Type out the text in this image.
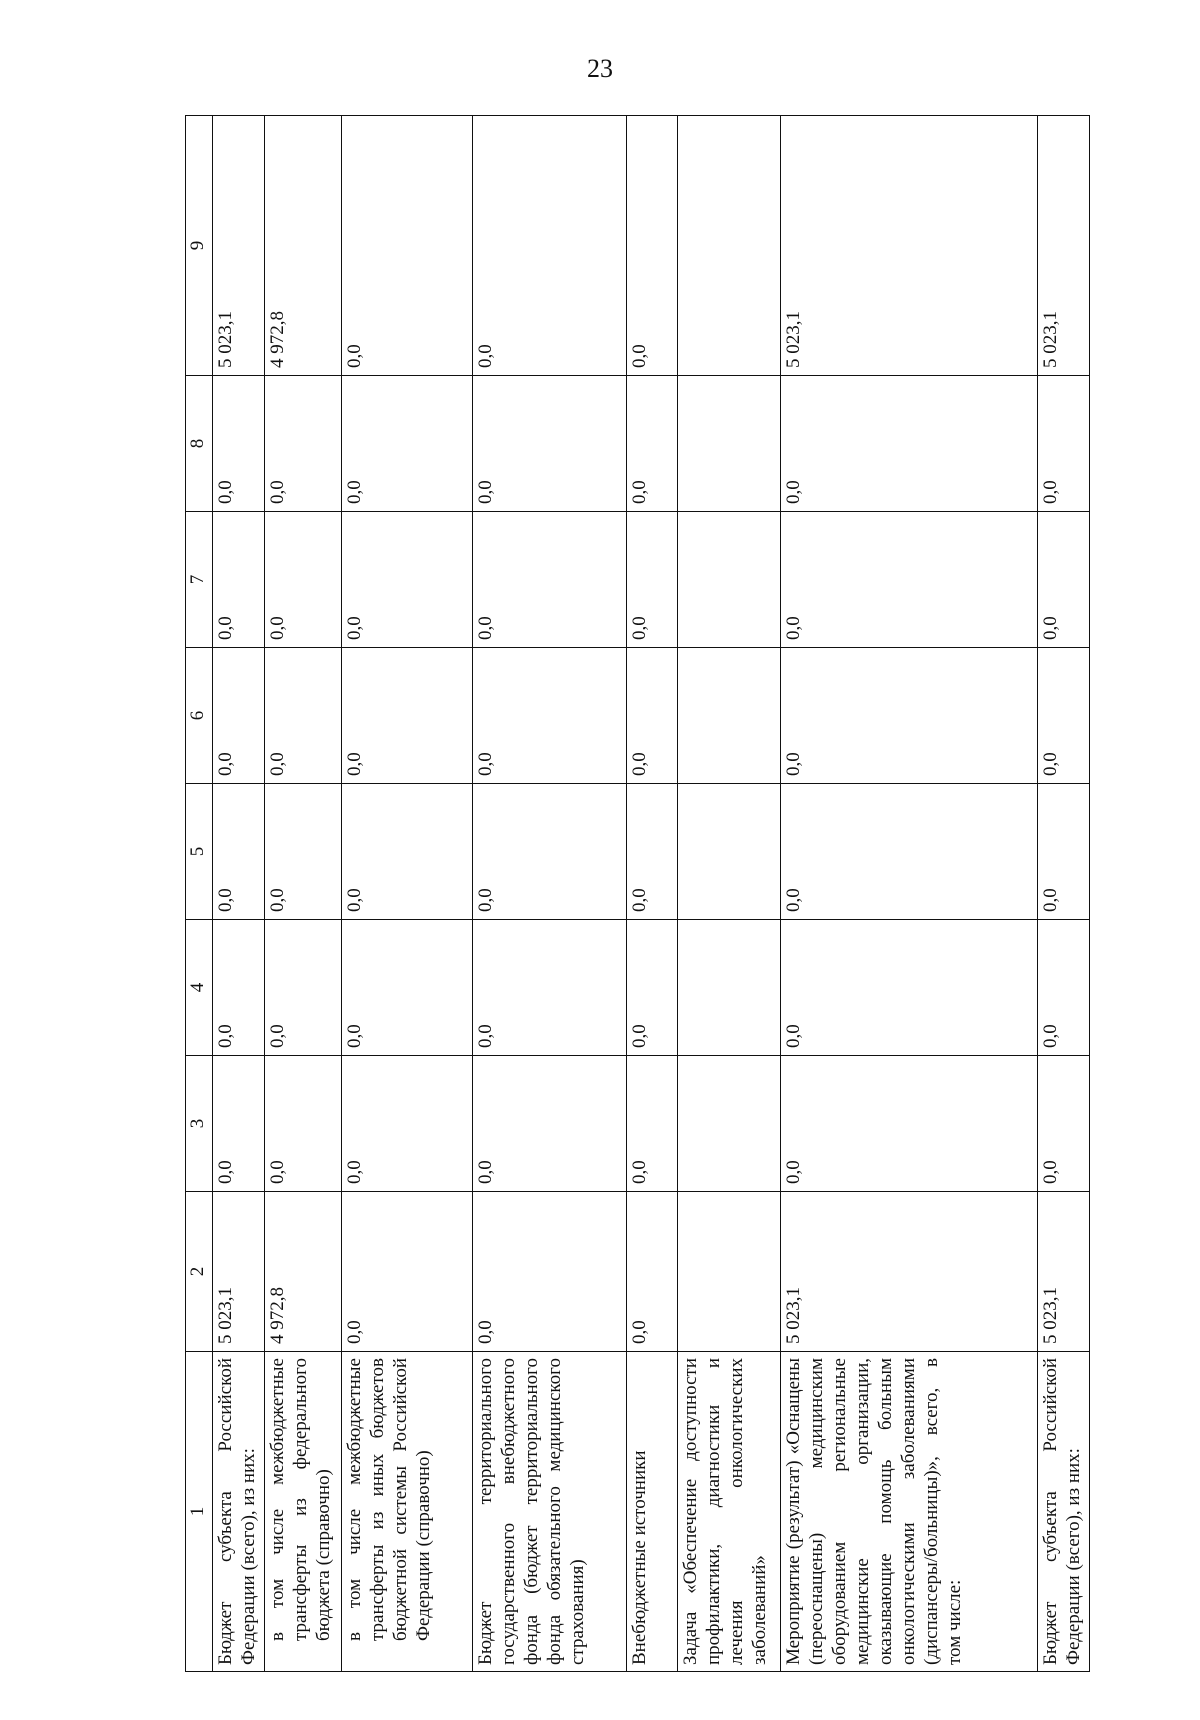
23
1	2	3	4	5	6	7	8	9
Бюджет субъекта Российской Федерации (всего), из них:	5 023,1	0,0	0,0	0,0	0,0	0,0	0,0	5 023,1
в том числе межбюджетные трансферты из федерального бюджета (справочно)	4 972,8	0,0	0,0	0,0	0,0	0,0	0,0	4 972,8
в том числе межбюджетные трансферты из иных бюджетов бюджетной системы Российской Федерации (справочно)	0,0	0,0	0,0	0,0	0,0	0,0	0,0	0,0
Бюджет территориального государственного внебюджетного фонда (бюджет территориального фонда обязательного медицинского страхования)	0,0	0,0	0,0	0,0	0,0	0,0	0,0	0,0
Внебюджетные источники	0,0	0,0	0,0	0,0	0,0	0,0	0,0	0,0
Задача «Обеспечение доступности профилактики, диагностики и лечения онкологических заболеваний»								
Мероприятие (результат) «Оснащены (переоснащены) медицинским оборудованием региональные медицинские организации, оказывающие помощь больным онкологическими заболеваниями (диспансеры/больницы)», всего, в том числе:	5 023,1	0,0	0,0	0,0	0,0	0,0	0,0	5 023,1
Бюджет субъекта Российской Федерации (всего), из них:	5 023,1	0,0	0,0	0,0	0,0	0,0	0,0	5 023,1
